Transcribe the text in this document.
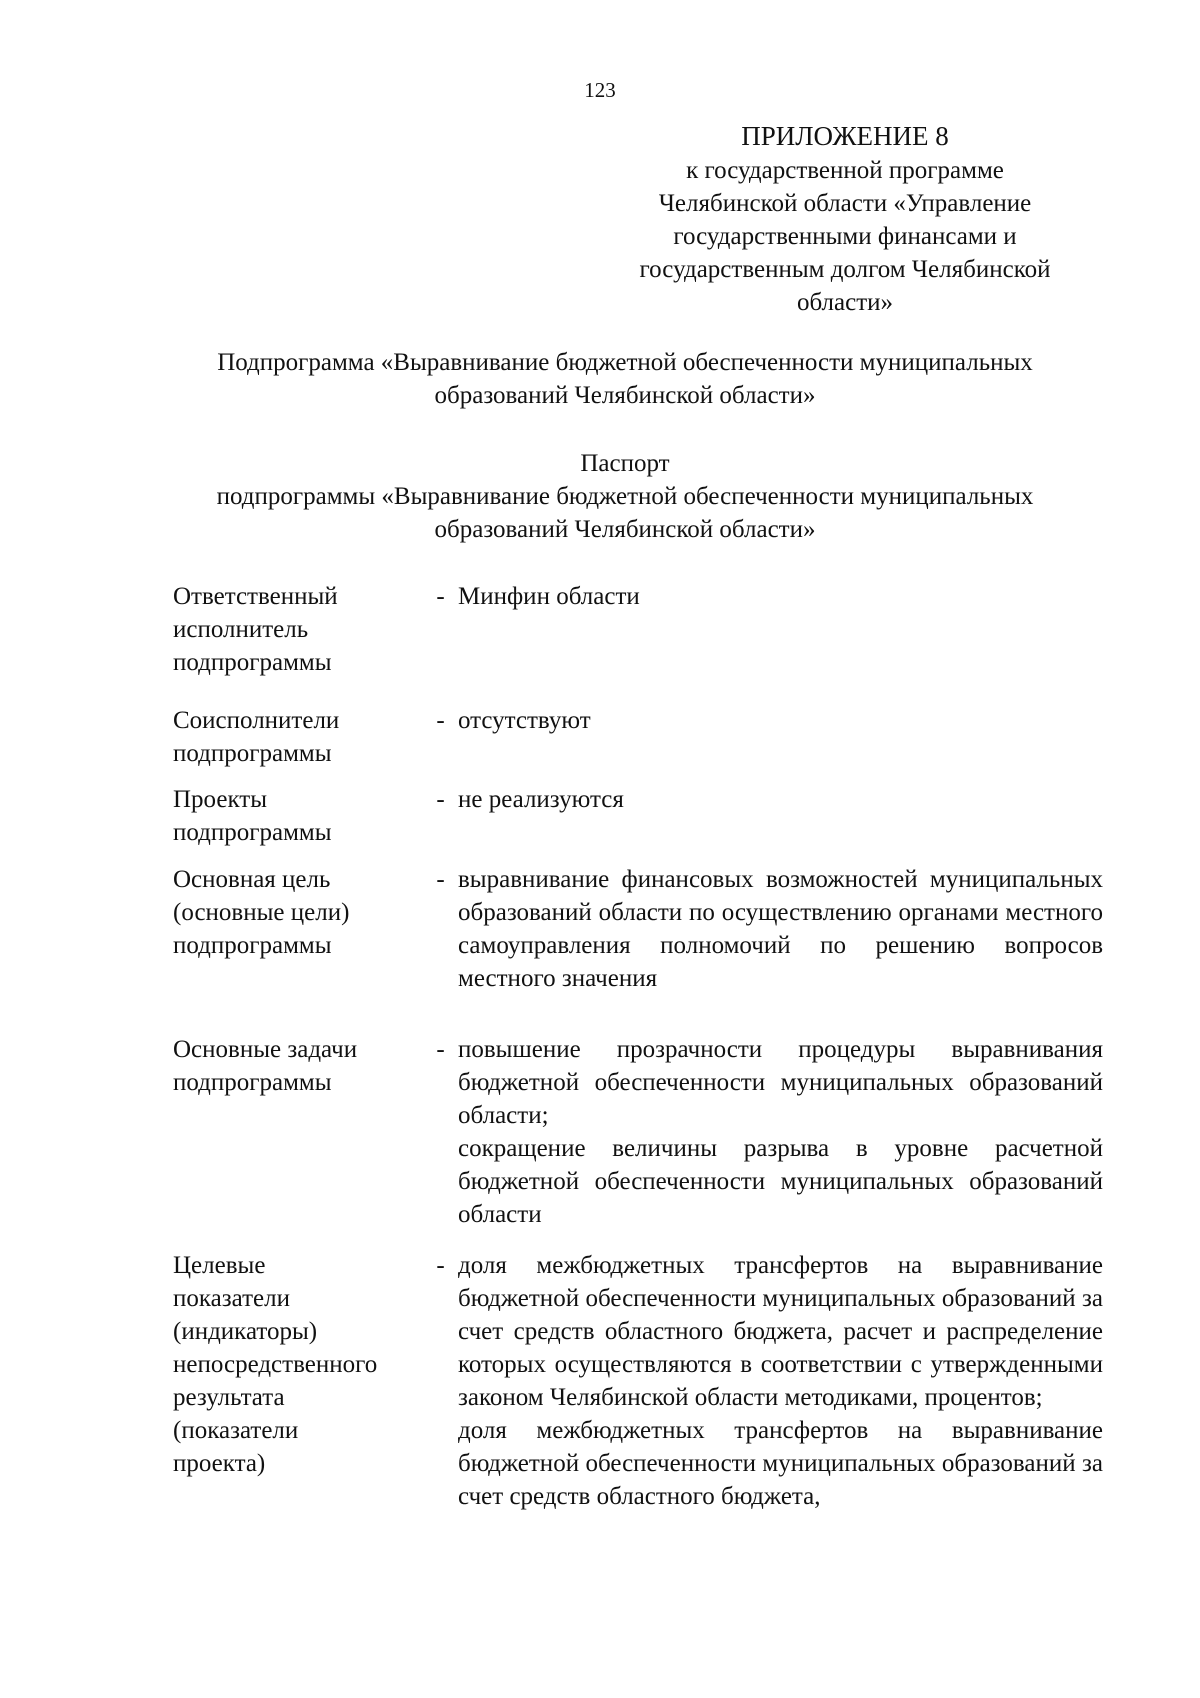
123
ПРИЛОЖЕНИЕ 8
к государственной программе
Челябинской области «Управление
государственными финансами и
государственным долгом Челябинской
области»
Подпрограмма «Выравнивание бюджетной обеспеченности муниципальных
образований Челябинской области»
Паспорт
подпрограммы «Выравнивание бюджетной обеспеченности муниципальных
образований Челябинской области»
Ответственный
исполнитель
подпрограммы
- Минфин области

Соисполнители
подпрограммы
- отсутствуют

Проекты
подпрограммы
- не реализуются

Основная цель
(основные цели)
подпрограммы
- выравнивание финансовых возможностей муниципальных образований области по осуществлению органами местного самоуправления полномочий по решению вопросов местного значения

Основные задачи
подпрограммы
- повышение прозрачности процедуры выравнивания бюджетной обеспеченности муниципальных образований области;

сокращение величины разрыва в уровне расчетной бюджетной обеспеченности муниципальных образований области

Целевые
показатели
(индикаторы)
непосредственного
результата
(показатели
проекта)
- доля межбюджетных трансфертов на выравнивание бюджетной обеспеченности муниципальных образований за счет средств областного бюджета, расчет и распределение которых осуществляются в соответствии с утвержденными законом Челябинской области методиками, процентов;

доля межбюджетных трансфертов на выравнивание бюджетной обеспеченности муниципальных образований за счет средств областного бюджета,
